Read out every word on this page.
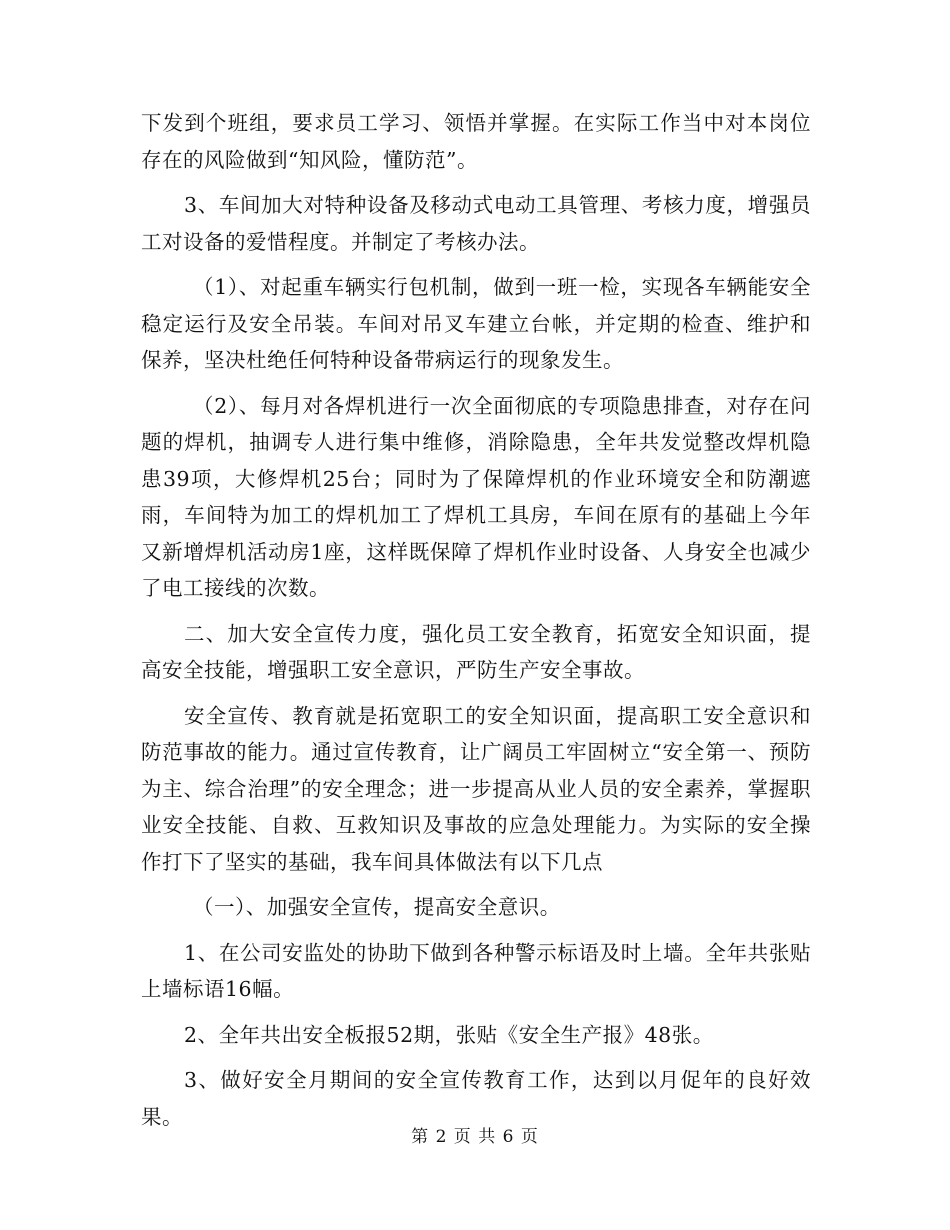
下发到个班组，要求员工学习、领悟并掌握。在实际工作当中对本岗位存在的风险做到“知风险，懂防范”。

3、车间加大对特种设备及移动式电动工具管理、考核力度，增强员工对设备的爱惜程度。并制定了考核办法。

（1）、对起重车辆实行包机制，做到一班一检，实现各车辆能安全稳定运行及安全吊装。车间对吊叉车建立台帐，并定期的检查、维护和保养，坚决杜绝任何特种设备带病运行的现象发生。

（2）、每月对各焊机进行一次全面彻底的专项隐患排查，对存在问题的焊机，抽调专人进行集中维修，消除隐患，全年共发觉整改焊机隐患39项，大修焊机25台；同时为了保障焊机的作业环境安全和防潮遮雨，车间特为加工的焊机加工了焊机工具房，车间在原有的基础上今年又新增焊机活动房1座，这样既保障了焊机作业时设备、人身安全也减少了电工接线的次数。

二、加大安全宣传力度，强化员工安全教育，拓宽安全知识面，提高安全技能，增强职工安全意识，严防生产安全事故。

安全宣传、教育就是拓宽职工的安全知识面，提高职工安全意识和防范事故的能力。通过宣传教育，让广阔员工牢固树立“安全第一、预防为主、综合治理”的安全理念；进一步提高从业人员的安全素养，掌握职业安全技能、自救、互救知识及事故的应急处理能力。为实际的安全操作打下了坚实的基础，我车间具体做法有以下几点

（一）、加强安全宣传，提高安全意识。

1、在公司安监处的协助下做到各种警示标语及时上墙。全年共张贴上墙标语16幅。

2、全年共出安全板报52期，张贴《安全生产报》48张。

3、做好安全月期间的安全宣传教育工作，达到以月促年的良好效果。

第 2 页 共 6 页
